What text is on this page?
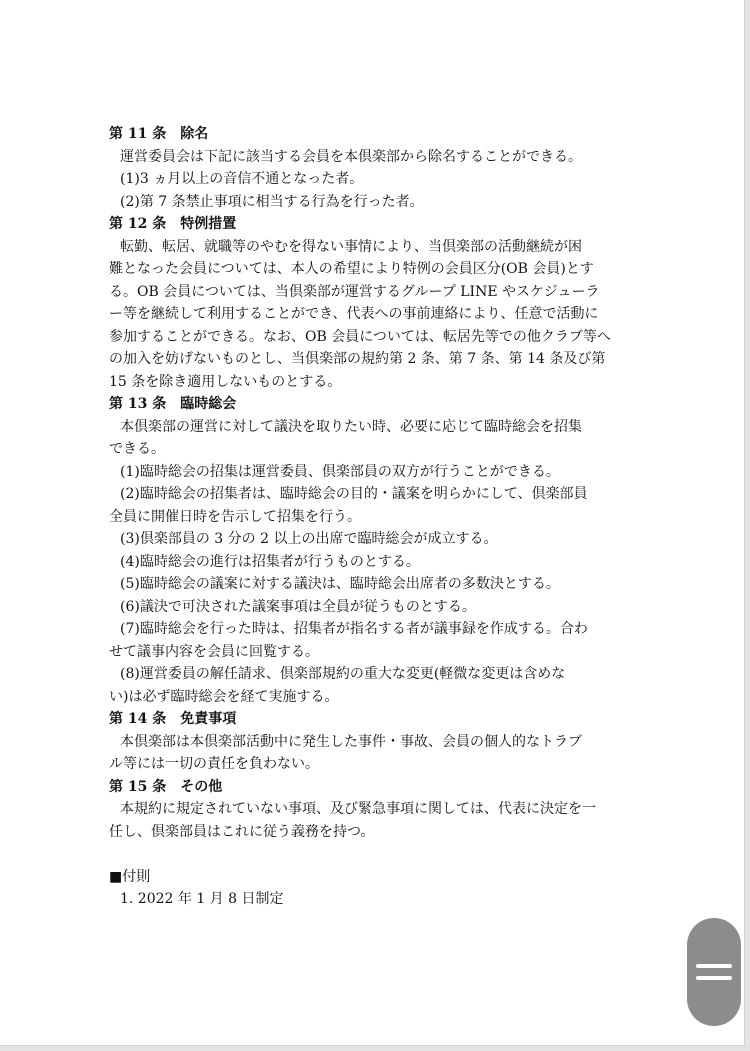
第 11 条　除名
運営委員会は下記に該当する会員を本倶楽部から除名することができる。
(1)3 ヵ月以上の音信不通となった者。
(2)第 7 条禁止事項に相当する行為を行った者。
第 12 条　特例措置
転勤、転居、就職等のやむを得ない事情により、当倶楽部の活動継続が困
難となった会員については、本人の希望により特例の会員区分(OB 会員)とす
る。OB 会員については、当倶楽部が運営するグループ LINE やスケジューラ
ー等を継続して利用することができ、代表への事前連絡により、任意で活動に
参加することができる。なお、OB 会員については、転居先等での他クラブ等へ
の加入を妨げないものとし、当倶楽部の規約第 2 条、第 7 条、第 14 条及び第
15 条を除き適用しないものとする。
第 13 条　臨時総会
本倶楽部の運営に対して議決を取りたい時、必要に応じて臨時総会を招集
できる。
(1)臨時総会の招集は運営委員、倶楽部員の双方が行うことができる。
(2)臨時総会の招集者は、臨時総会の目的・議案を明らかにして、倶楽部員
全員に開催日時を告示して招集を行う。
(3)倶楽部員の 3 分の 2 以上の出席で臨時総会が成立する。
(4)臨時総会の進行は招集者が行うものとする。
(5)臨時総会の議案に対する議決は、臨時総会出席者の多数決とする。
(6)議決で可決された議案事項は全員が従うものとする。
(7)臨時総会を行った時は、招集者が指名する者が議事録を作成する。合わ
せて議事内容を会員に回覧する。
(8)運営委員の解任請求、倶楽部規約の重大な変更(軽微な変更は含めな
い)は必ず臨時総会を経て実施する。
第 14 条　免責事項
本倶楽部は本倶楽部活動中に発生した事件・事故、会員の個人的なトラブ
ル等には一切の責任を負わない。
第 15 条　その他
本規約に規定されていない事項、及び緊急事項に関しては、代表に決定を一
任し、倶楽部員はこれに従う義務を持つ。
■付則
1. 2022 年 1 月 8 日制定
